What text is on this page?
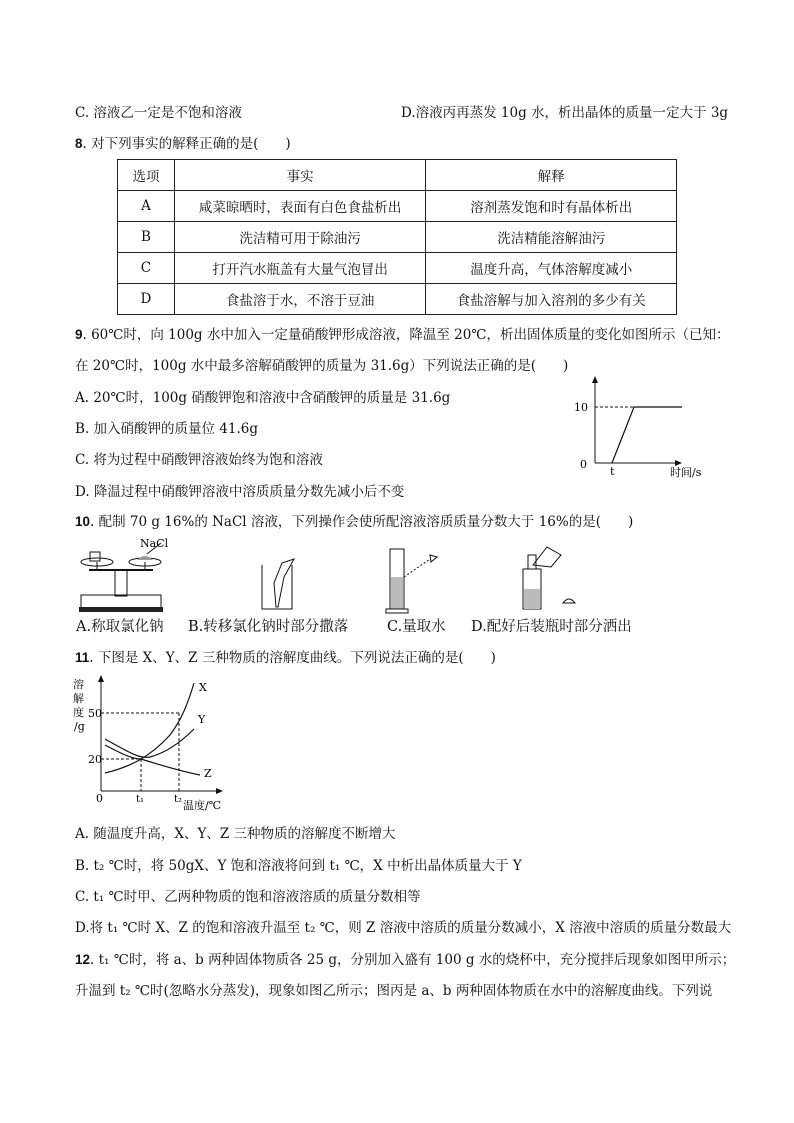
C. 溶液乙一定是不饱和溶液	D.溶液丙再蒸发 10g 水，析出晶体的质量一定大于 3g
8. 对下列事实的解释正确的是(　　)
选项	事实	解释
A	咸菜晾晒时，表面有白色食盐析出	溶剂蒸发饱和时有晶体析出
B	洗洁精可用于除油污	洗洁精能溶解油污
C	打开汽水瓶盖有大量气泡冒出	温度升高，气体溶解度减小
D	食盐溶于水，不溶于豆油	食盐溶解与加入溶剂的多少有关
9. 60℃时，向 100g 水中加入一定量硝酸钾形成溶液，降温至 20℃，析出固体质量的变化如图所示（已知：
在 20℃时，100g 水中最多溶解硝酸钾的质量为 31.6g）下列说法正确的是(　　)
A. 20℃时，100g 硝酸钾饱和溶液中含硝酸钾的质量是 31.6g
B. 加入硝酸钾的质量位 41.6g
C. 将为过程中硝酸钾溶液始终为饱和溶液
D. 降温过程中硝酸钾溶液中溶质质量分数先减小后不变
10
0
t	时间/s
10. 配制 70 g 16%的 NaCl 溶液，下列操作会使所配溶液溶质质量分数大于 16%的是(　　)
NaCl
A.称取氯化钠 B.转移氯化钠时部分撒落	C.量取水 D.配好后装瓶时部分洒出
11. 下图是 X、Y、Z 三种物质的溶解度曲线。下列说法正确的是(　　)
溶
解
度
/g
X
Y
Z
50
20
0	t₁	t₂ 温度/℃
A. 随温度升高，X、Y、Z 三种物质的溶解度不断增大
B. t₂ ℃时，将 50gX、Y 饱和溶液将问到 t₁ ℃，X 中析出晶体质量大于 Y
C. t₁ ℃时甲、乙两种物质的饱和溶液溶质的质量分数相等
D.将 t₁ ℃时 X、Z 的饱和溶液升温至 t₂ ℃，则 Z 溶液中溶质的质量分数减小，X 溶液中溶质的质量分数最大
12. t₁ ℃时，将 a、b 两种固体物质各 25 g，分别加入盛有 100 g 水的烧杯中，充分搅拌后现象如图甲所示；
升温到 t₂ ℃时(忽略水分蒸发)，现象如图乙所示；图丙是 a、b 两种固体物质在水中的溶解度曲线。下列说
